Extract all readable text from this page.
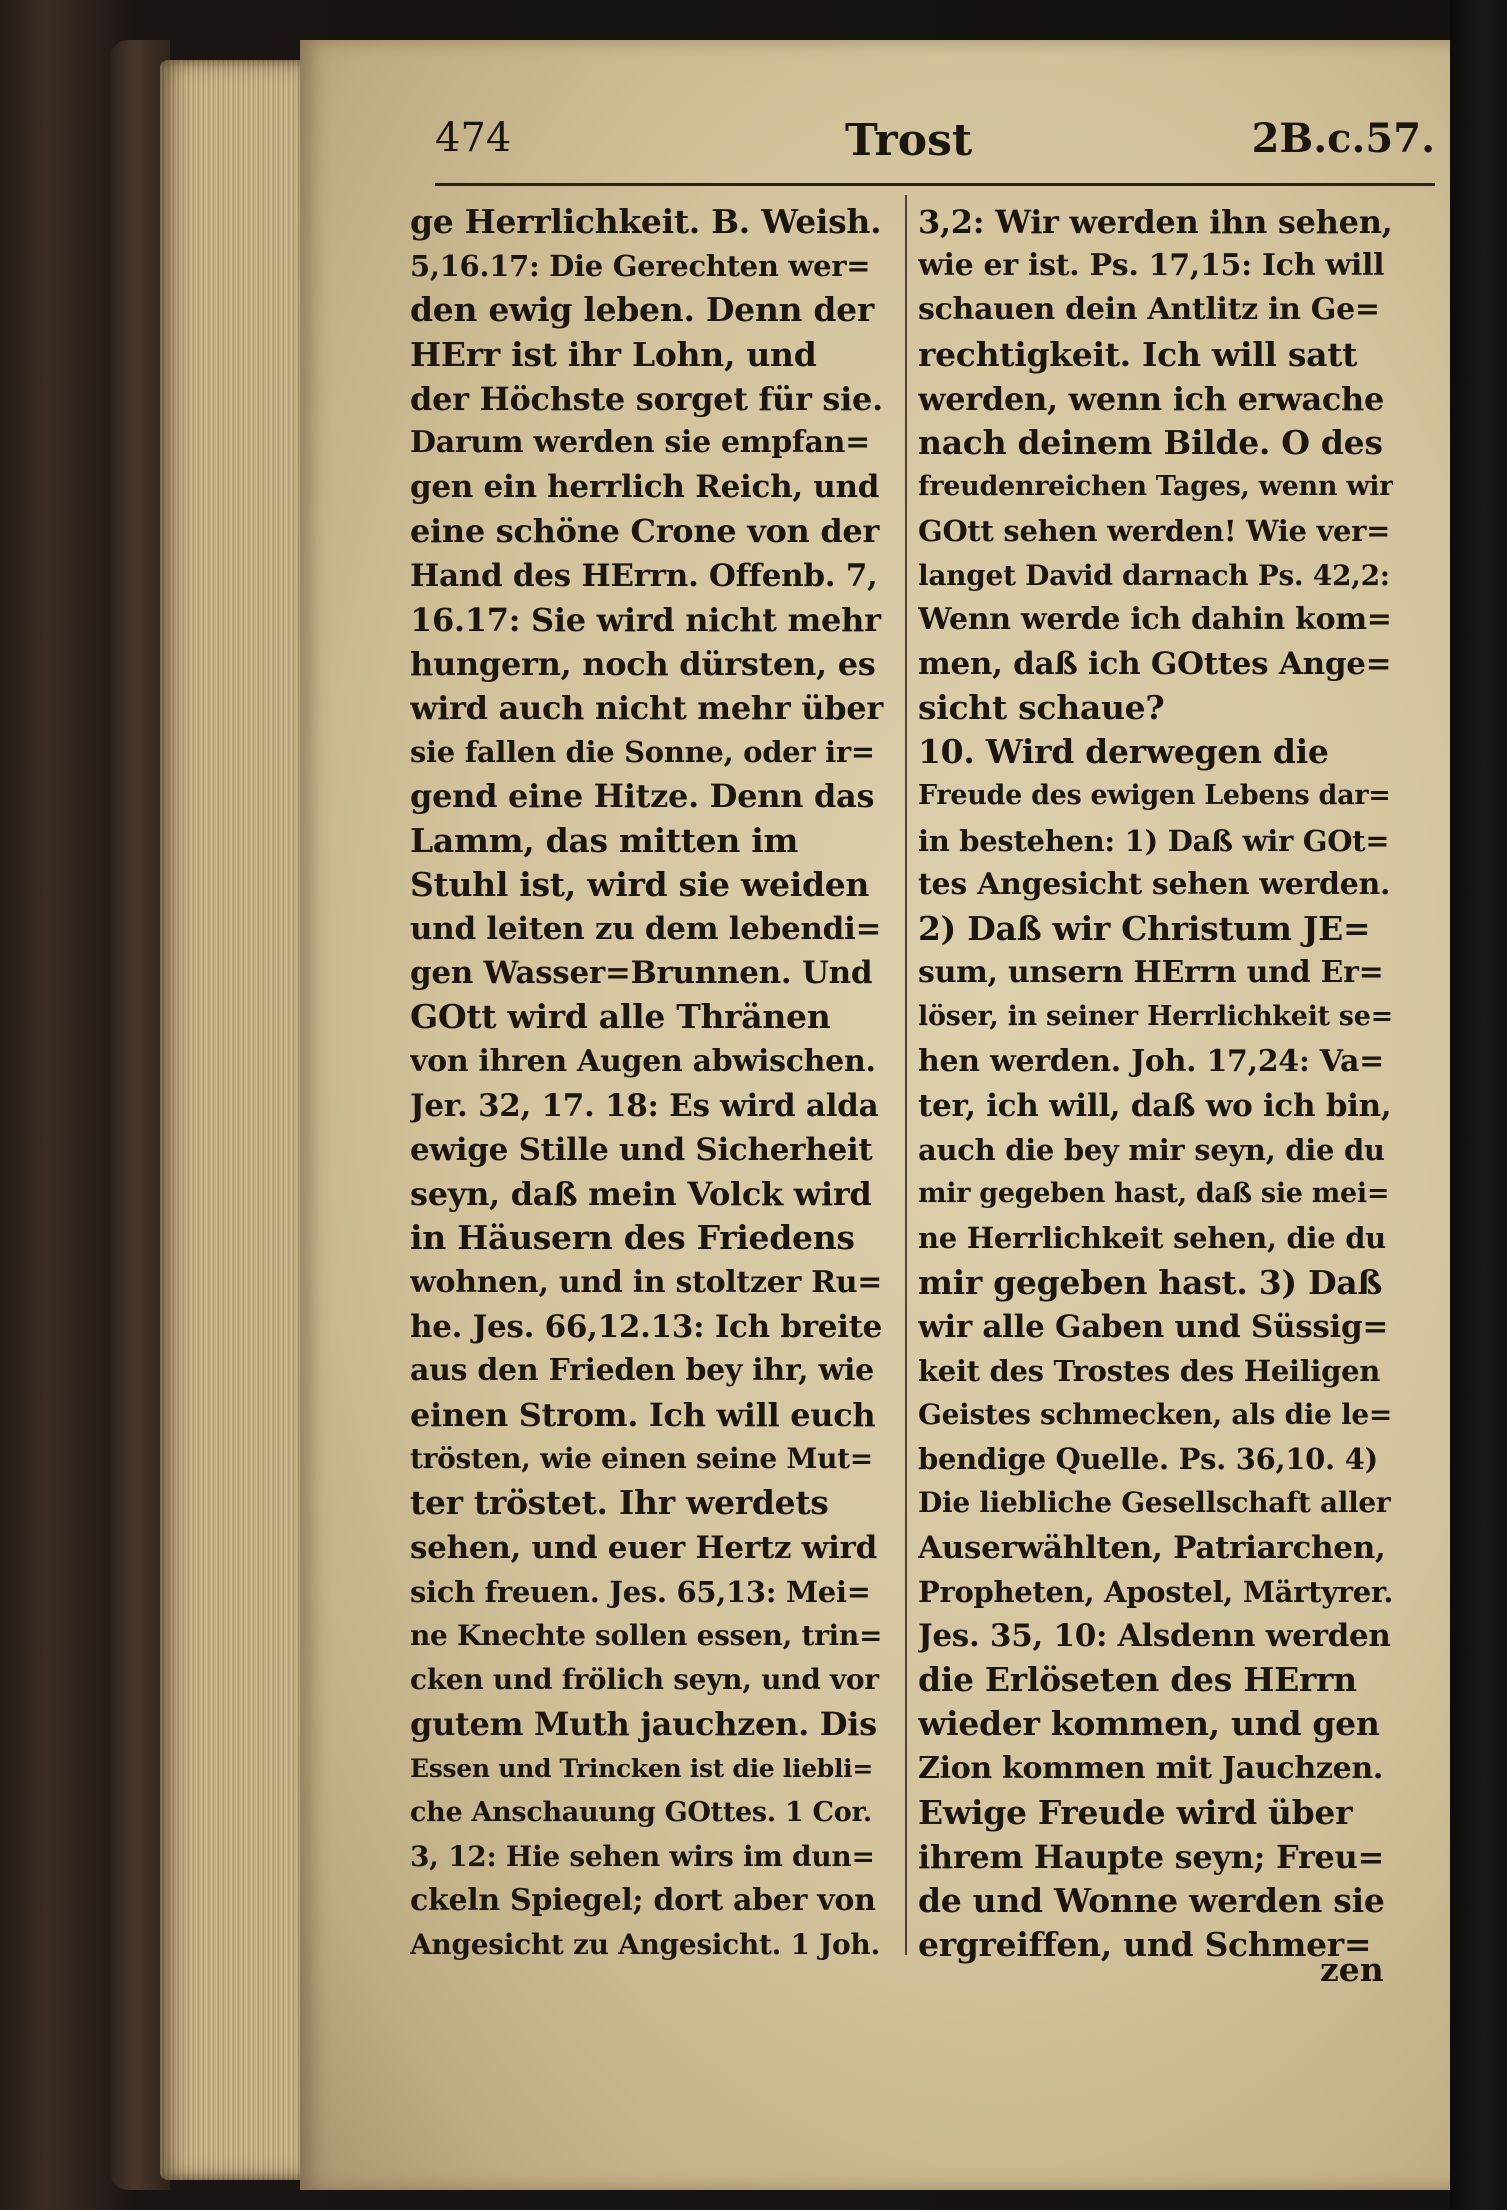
474	Trost	2B.c.57.
ge Herrlichkeit. B. Weish.
5,16.17: Die Gerechten wer=
den ewig leben. Denn der
HErr ist ihr Lohn, und
der Höchste sorget für sie.
Darum werden sie empfan=
gen ein herrlich Reich, und
eine schöne Crone von der
Hand des HErrn. Offenb. 7,
16.17: Sie wird nicht mehr
hungern, noch dürsten, es
wird auch nicht mehr über
sie fallen die Sonne, oder ir=
gend eine Hitze. Denn das
Lamm, das mitten im
Stuhl ist, wird sie weiden
und leiten zu dem lebendi=
gen Wasser=Brunnen. Und
GOtt wird alle Thränen
von ihren Augen abwischen.
Jer. 32, 17. 18: Es wird alda
ewige Stille und Sicherheit
seyn, daß mein Volck wird
in Häusern des Friedens
wohnen, und in stoltzer Ru=
he. Jes. 66,12.13: Ich breite
aus den Frieden bey ihr, wie
einen Strom. Ich will euch
trösten, wie einen seine Mut=
ter tröstet. Ihr werdets
sehen, und euer Hertz wird
sich freuen. Jes. 65,13: Mei=
ne Knechte sollen essen, trin=
cken und frölich seyn, und vor
gutem Muth jauchzen. Dis
Essen und Trincken ist die liebli=
che Anschauung GOttes. 1 Cor.
3, 12: Hie sehen wirs im dun=
ckeln Spiegel; dort aber von
Angesicht zu Angesicht. 1 Joh.
3,2: Wir werden ihn sehen,
wie er ist. Ps. 17,15: Ich will
schauen dein Antlitz in Ge=
rechtigkeit. Ich will satt
werden, wenn ich erwache
nach deinem Bilde. O des
freudenreichen Tages, wenn wir
GOtt sehen werden! Wie ver=
langet David darnach Ps. 42,2:
Wenn werde ich dahin kom=
men, daß ich GOttes Ange=
sicht schaue?
10. Wird derwegen die
Freude des ewigen Lebens dar=
in bestehen: 1) Daß wir GOt=
tes Angesicht sehen werden.
2) Daß wir Christum JE=
sum, unsern HErrn und Er=
löser, in seiner Herrlichkeit se=
hen werden. Joh. 17,24: Va=
ter, ich will, daß wo ich bin,
auch die bey mir seyn, die du
mir gegeben hast, daß sie mei=
ne Herrlichkeit sehen, die du
mir gegeben hast. 3) Daß
wir alle Gaben und Süssig=
keit des Trostes des Heiligen
Geistes schmecken, als die le=
bendige Quelle. Ps. 36,10. 4)
Die liebliche Gesellschaft aller
Auserwählten, Patriarchen,
Propheten, Apostel, Märtyrer.
Jes. 35, 10: Alsdenn werden
die Erlöseten des HErrn
wieder kommen, und gen
Zion kommen mit Jauchzen.
Ewige Freude wird über
ihrem Haupte seyn; Freu=
de und Wonne werden sie
ergreiffen, und Schmer=
zen
